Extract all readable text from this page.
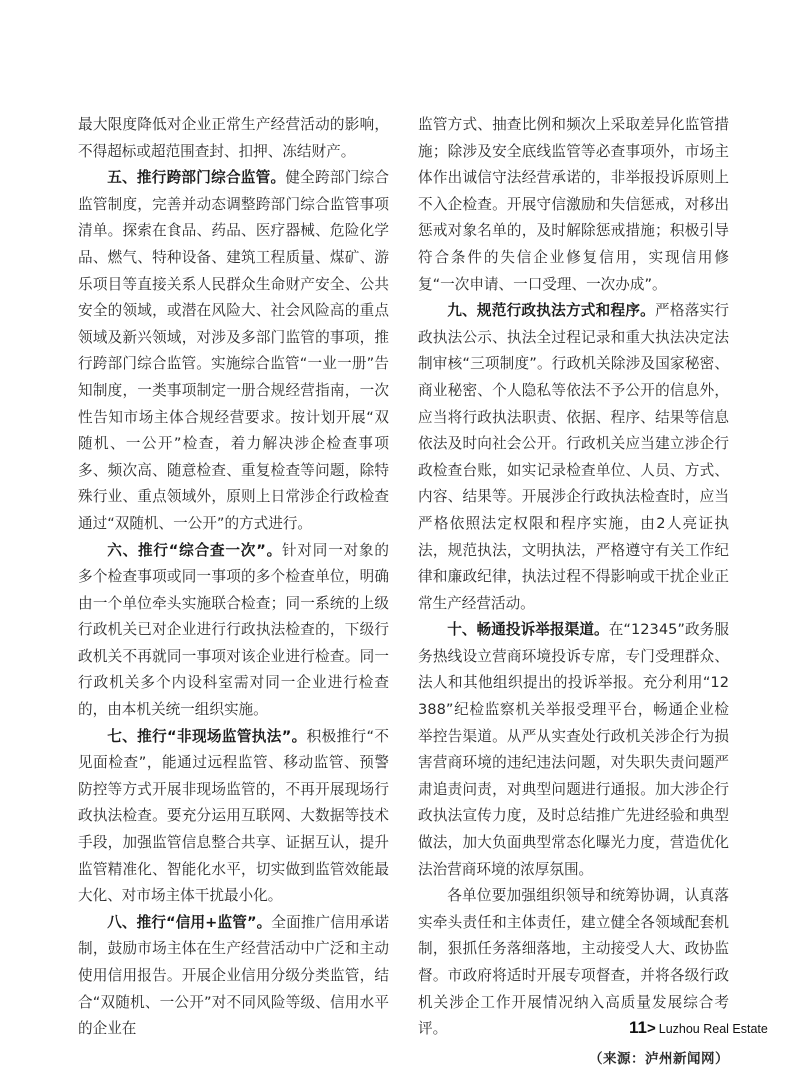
最大限度降低对企业正常生产经营活动的影响，不得超标或超范围查封、扣押、冻结财产。

五、推行跨部门综合监管。健全跨部门综合监管制度，完善并动态调整跨部门综合监管事项清单。探索在食品、药品、医疗器械、危险化学品、燃气、特种设备、建筑工程质量、煤矿、游乐项目等直接关系人民群众生命财产安全、公共安全的领域，或潜在风险大、社会风险高的重点领域及新兴领域，对涉及多部门监管的事项，推行跨部门综合监管。实施综合监管“一业一册”告知制度，一类事项制定一册合规经营指南，一次性告知市场主体合规经营要求。按计划开展“双随机、一公开”检查，着力解决涉企检查事项多、频次高、随意检查、重复检查等问题，除特殊行业、重点领域外，原则上日常涉企行政检查通过“双随机、一公开”的方式进行。

六、推行“综合查一次”。针对同一对象的多个检查事项或同一事项的多个检查单位，明确由一个单位牵头实施联合检查；同一系统的上级行政机关已对企业进行行政执法检查的，下级行政机关不再就同一事项对该企业进行检查。同一行政机关多个内设科室需对同一企业进行检查的，由本机关统一组织实施。

七、推行“非现场监管执法”。积极推行“不见面检查”，能通过远程监管、移动监管、预警防控等方式开展非现场监管的，不再开展现场行政执法检查。要充分运用互联网、大数据等技术手段，加强监管信息整合共享、证据互认，提升监管精准化、智能化水平，切实做到监管效能最大化、对市场主体干扰最小化。

八、推行“信用+监管”。全面推广信用承诺制，鼓励市场主体在生产经营活动中广泛和主动使用信用报告。开展企业信用分级分类监管，结合“双随机、一公开”对不同风险等级、信用水平的企业在

监管方式、抽查比例和频次上采取差异化监管措施；除涉及安全底线监管等必查事项外，市场主体作出诚信守法经营承诺的，非举报投诉原则上不入企检查。开展守信激励和失信惩戒，对移出惩戒对象名单的，及时解除惩戒措施；积极引导符合条件的失信企业修复信用，实现信用修复“一次申请、一口受理、一次办成”。

九、规范行政执法方式和程序。严格落实行政执法公示、执法全过程记录和重大执法决定法制审核“三项制度”。行政机关除涉及国家秘密、商业秘密、个人隐私等依法不予公开的信息外，应当将行政执法职责、依据、程序、结果等信息依法及时向社会公开。行政机关应当建立涉企行政检查台账，如实记录检查单位、人员、方式、内容、结果等。开展涉企行政执法检查时，应当严格依照法定权限和程序实施，由2人亮证执法，规范执法，文明执法，严格遵守有关工作纪律和廉政纪律，执法过程不得影响或干扰企业正常生产经营活动。

十、畅通投诉举报渠道。在“12345”政务服务热线设立营商环境投诉专席，专门受理群众、法人和其他组织提出的投诉举报。充分利用“12388”纪检监察机关举报受理平台，畅通企业检举控告渠道。从严从实查处行政机关涉企行为损害营商环境的违纪违法问题，对失职失责问题严肃追责问责，对典型问题进行通报。加大涉企行政执法宣传力度，及时总结推广先进经验和典型做法，加大负面典型常态化曝光力度，营造优化法治营商环境的浓厚氛围。

各单位要加强组织领导和统筹协调，认真落实牵头责任和主体责任，建立健全各领域配套机制，狠抓任务落细落地，主动接受人大、政协监督。市政府将适时开展专项督查，并将各级行政机关涉企工作开展情况纳入高质量发展综合考评。

（来源：泸州新闻网）
11> Luzhou Real Estate
